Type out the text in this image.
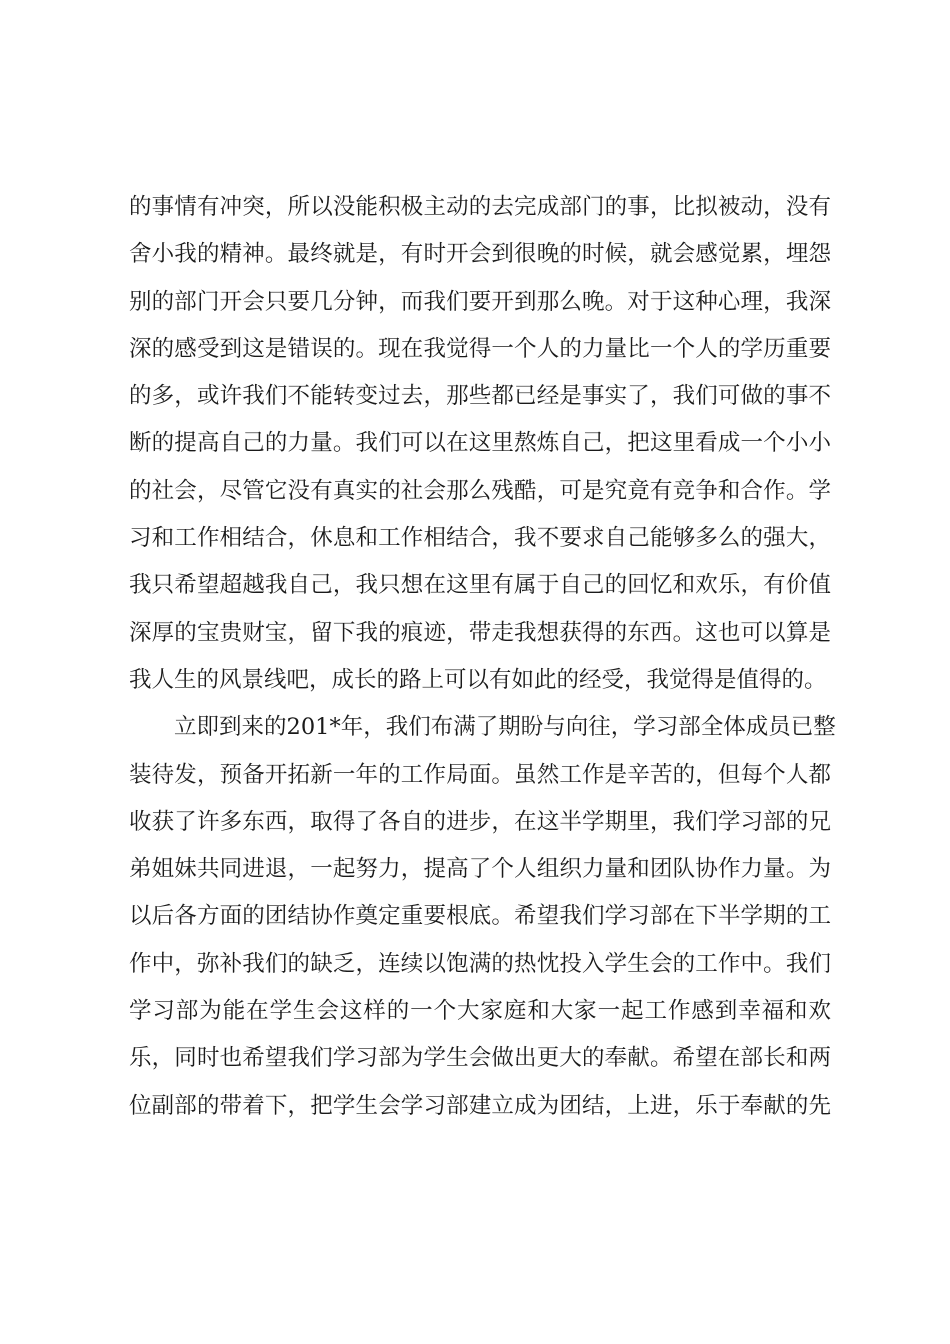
的事情有冲突，所以没能积极主动的去完成部门的事，比拟被动，没有
舍小我的精神。最终就是，有时开会到很晚的时候，就会感觉累，埋怨
别的部门开会只要几分钟，而我们要开到那么晚。对于这种心理，我深
深的感受到这是错误的。现在我觉得一个人的力量比一个人的学历重要
的多，或许我们不能转变过去，那些都已经是事实了，我们可做的事不
断的提高自己的力量。我们可以在这里熬炼自己，把这里看成一个小小
的社会，尽管它没有真实的社会那么残酷，可是究竟有竞争和合作。学
习和工作相结合，休息和工作相结合，我不要求自己能够多么的强大，
我只希望超越我自己，我只想在这里有属于自己的回忆和欢乐，有价值
深厚的宝贵财宝，留下我的痕迹，带走我想获得的东西。这也可以算是
我人生的风景线吧，成长的路上可以有如此的经受，我觉得是值得的。
立即到来的201*年，我们布满了期盼与向往，学习部全体成员已整
装待发，预备开拓新一年的工作局面。虽然工作是辛苦的，但每个人都
收获了许多东西，取得了各自的进步，在这半学期里，我们学习部的兄
弟姐妹共同进退，一起努力，提高了个人组织力量和团队协作力量。为
以后各方面的团结协作奠定重要根底。希望我们学习部在下半学期的工
作中，弥补我们的缺乏，连续以饱满的热忱投入学生会的工作中。我们
学习部为能在学生会这样的一个大家庭和大家一起工作感到幸福和欢
乐，同时也希望我们学习部为学生会做出更大的奉献。希望在部长和两
位副部的带着下，把学生会学习部建立成为团结，上进，乐于奉献的先
